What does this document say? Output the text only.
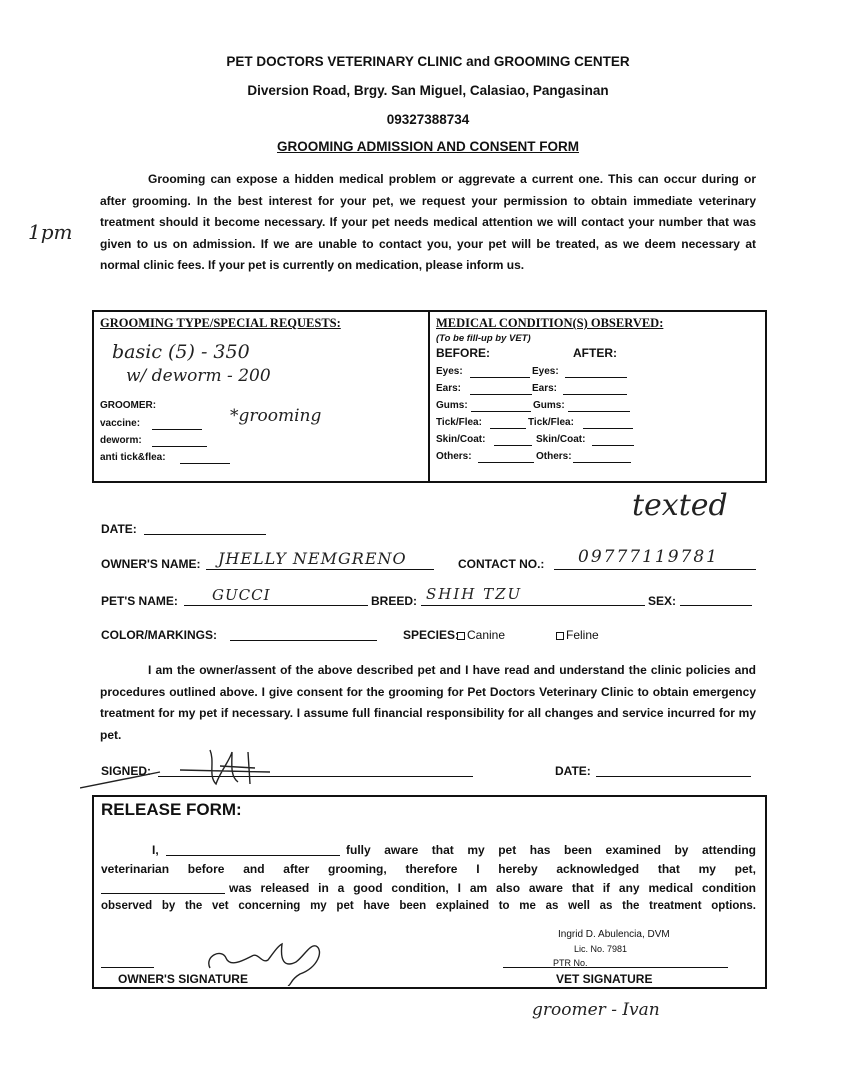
PET DOCTORS VETERINARY CLINIC and GROOMING CENTER
Diversion Road, Brgy. San Miguel, Calasiao, Pangasinan
09327388734
GROOMING ADMISSION AND CONSENT FORM
Grooming can expose a hidden medical problem or aggrevate a current one. This can occur during or after grooming. In the best interest for your pet, we request your permission to obtain immediate veterinary treatment should it become necessary. If your pet needs medical attention we will contact your number that was given to us on admission. If we are unable to contact you, your pet will be treated, as we deem necessary at normal clinic fees. If your pet is currently on medication, please inform us.
1pm
GROOMING TYPE/SPECIAL REQUESTS:
basic (5) - 350
w/ deworm - 200
GROOMER:
vaccine:
deworm:
anti tick&flea:
*grooming
MEDICAL CONDITION(S) OBSERVED:
(To be fill-up by VET)
BEFORE:	AFTER:
Eyes:	Eyes:
Ears:	Ears:
Gums:	Gums:
Tick/Flea:	Tick/Flea:
Skin/Coat:	Skin/Coat:
Others:	Others:
texted
DATE:
OWNER'S NAME: JHELLY NEMGRENO	CONTACT NO.: 09777119781
PET'S NAME: GUCCI	BREED: SHIH TZU	SEX:
COLOR/MARKINGS:	SPECIES: Canine	Feline
I am the owner/assent of the above described pet and I have read and understand the clinic policies and procedures outlined above. I give consent for the grooming for Pet Doctors Veterinary Clinic to obtain emergency treatment for my pet if necessary. I assume full financial responsibility for all changes and service incurred for my pet.
SIGNED:	DATE:
RELEASE FORM:
I,	fully aware that my pet has been examined by attending
veterinarian before and after grooming, therefore I hereby acknowledged that my pet,
was released in a good condition, I am also aware that if any medical condition
observed by the vet concerning my pet have been explained to me as well as the treatment options.
Ingrid D. Abulencia, DVM
Lic. No. 7981
PTR No.
OWNER'S SIGNATURE	VET SIGNATURE
groomer - Ivan
